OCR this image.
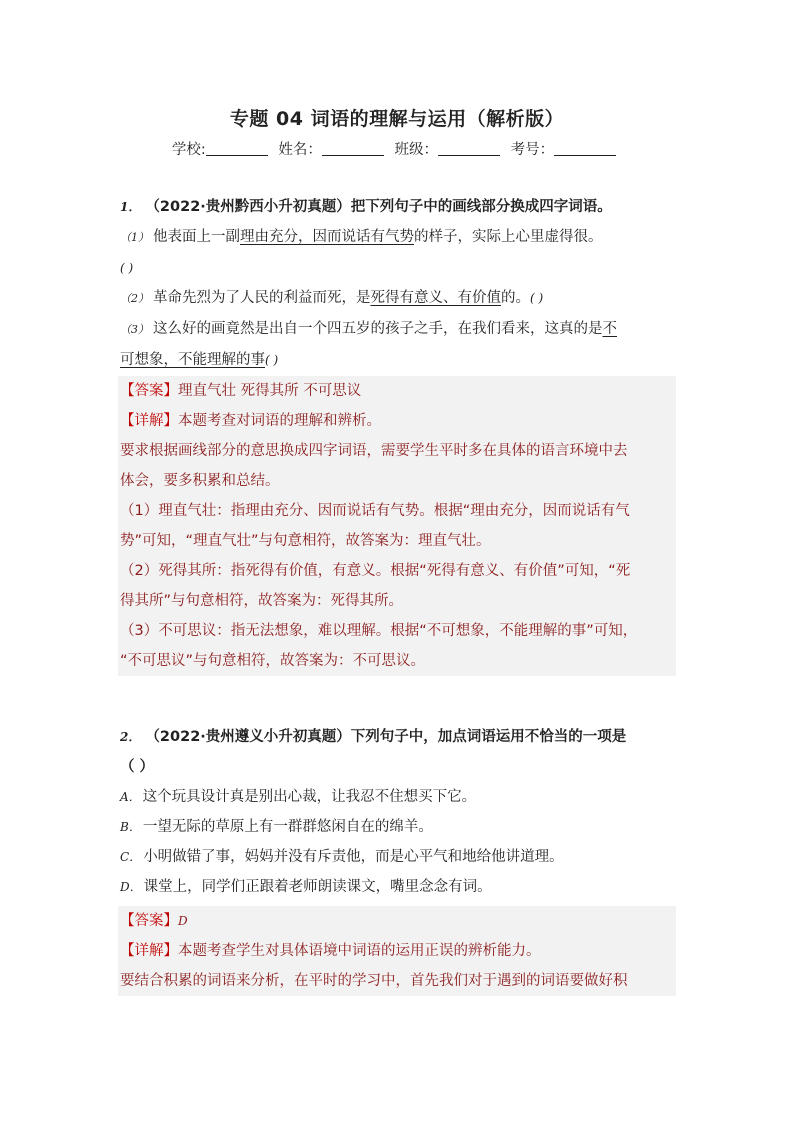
专题 04 词语的理解与运用（解析版）
学校:	姓名：	班级：	考号：
1． （2022·贵州黔西小升初真题）把下列句子中的画线部分换成四字词语。
（1） 他表面上一副理由充分，因而说话有气势的样子，实际上心里虚得很。
( )
（2） 革命先烈为了人民的利益而死，是死得有意义、有价值的。( )
（3） 这么好的画竟然是出自一个四五岁的孩子之手，在我们看来，这真的是不
可想象，不能理解的事( )
【答案】理直气壮 死得其所 不可思议
【详解】本题考查对词语的理解和辨析。
要求根据画线部分的意思换成四字词语，需要学生平时多在具体的语言环境中去
体会，要多积累和总结。
（1）理直气壮：指理由充分、因而说话有气势。根据“理由充分，因而说话有气
势”可知，“理直气壮”与句意相符，故答案为：理直气壮。
（2）死得其所：指死得有价值，有意义。根据“死得有意义、有价值”可知，“死
得其所”与句意相符，故答案为：死得其所。
（3）不可思议：指无法想象，难以理解。根据“不可想象，不能理解的事”可知，
“不可思议”与句意相符，故答案为：不可思议。
2． （2022·贵州遵义小升初真题）下列句子中，加点词语运用不恰当的一项是
（ ）
A． 这个玩具设计真是别出心裁，让我忍不住想买下它。
B． 一望无际的草原上有一群群悠闲自在的绵羊。
C． 小明做错了事，妈妈并没有斥责他，而是心平气和地给他讲道理。
D． 课堂上，同学们正跟着老师朗读课文，嘴里念念有词。
【答案】D
【详解】本题考查学生对具体语境中词语的运用正误的辨析能力。
要结合积累的词语来分析，在平时的学习中，首先我们对于遇到的词语要做好积
